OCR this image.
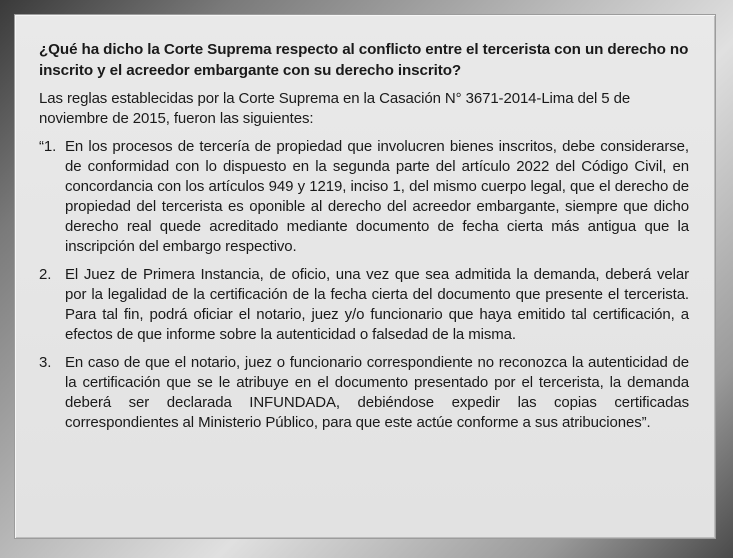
¿Qué ha dicho la Corte Suprema respecto al conflicto entre el tercerista con un derecho no inscrito y el acreedor embargante con su derecho inscrito?

Las reglas establecidas por la Corte Suprema en la Casación N° 3671-2014-Lima del 5 de noviembre de 2015, fueron las siguientes:

“1. En los procesos de tercería de propiedad que involucren bienes inscritos, debe considerarse, de conformidad con lo dispuesto en la segunda parte del artículo 2022 del Código Civil, en concordancia con los artículos 949 y 1219, inciso 1, del mismo cuerpo legal, que el derecho de propiedad del tercerista es oponible al derecho del acreedor embargante, siempre que dicho derecho real quede acreditado mediante documento de fecha cierta más antigua que la inscripción del embargo respectivo.
2. El Juez de Primera Instancia, de oficio, una vez que sea admitida la demanda, deberá velar por la legalidad de la certificación de la fecha cierta del documento que presente el tercerista. Para tal fin, podrá oficiar el notario, juez y/o funcionario que haya emitido tal certificación, a efectos de que informe sobre la autenticidad o falsedad de la misma.
3. En caso de que el notario, juez o funcionario correspondiente no reconozca la autenticidad de la certificación que se le atribuye en el documento presentado por el tercerista, la demanda deberá ser declarada INFUNDADA, debiéndose expedir las copias certificadas correspondientes al Ministerio Público, para que este actúe conforme a sus atribuciones”.
